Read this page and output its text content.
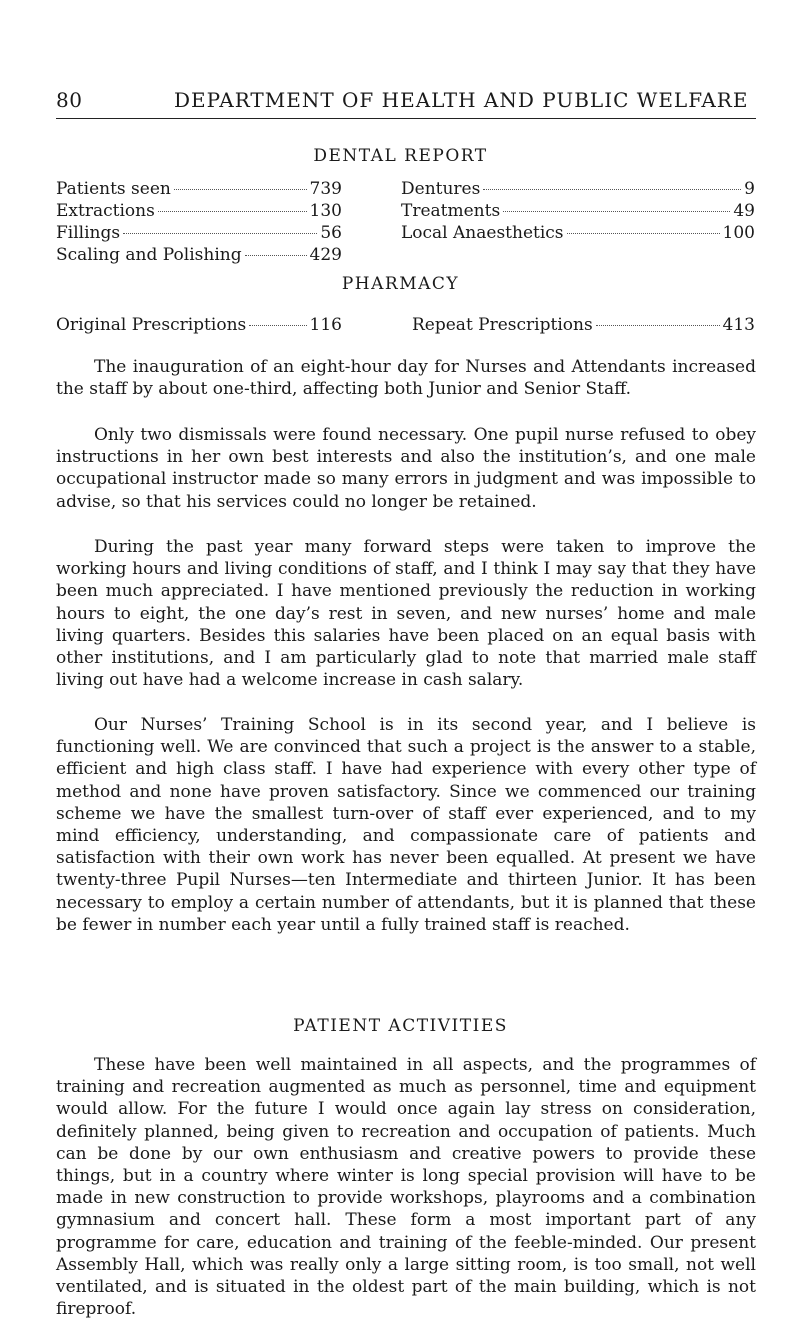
80	DEPARTMENT OF HEALTH AND PUBLIC WELFARE
DENTAL REPORT
Patients seen	739
Extractions	130
Fillings	56
Scaling and Polishing	429
Dentures	9
Treatments	49
Local Anaesthetics	100
PHARMACY
Original Prescriptions	116	Repeat Prescriptions	413

The inauguration of an eight-hour day for Nurses and Attendants increased the staff by about one-third, affecting both Junior and Senior Staff.

Only two dismissals were found necessary. One pupil nurse refused to obey instructions in her own best interests and also the institution’s, and one male occupational instructor made so many errors in judgment and was impossible to advise, so that his services could no longer be retained.

During the past year many forward steps were taken to improve the working hours and living conditions of staff, and I think I may say that they have been much appreciated. I have mentioned previously the reduction in working hours to eight, the one day’s rest in seven, and new nurses’ home and male living quarters. Besides this salaries have been placed on an equal basis with other institutions, and I am particularly glad to note that married male staff living out have had a welcome increase in cash salary.

Our Nurses’ Training School is in its second year, and I believe is functioning well. We are convinced that such a project is the answer to a stable, efficient and high class staff. I have had experience with every other type of method and none have proven satisfactory. Since we commenced our training scheme we have the smallest turn-over of staff ever experienced, and to my mind efficiency, understanding, and compassionate care of patients and satisfaction with their own work has never been equalled. At present we have twenty-three Pupil Nurses—ten Intermediate and thirteen Junior. It has been necessary to employ a certain number of attendants, but it is planned that these be fewer in number each year until a fully trained staff is reached.

PATIENT ACTIVITIES

These have been well maintained in all aspects, and the programmes of training and recreation augmented as much as personnel, time and equipment would allow. For the future I would once again lay stress on consideration, definitely planned, being given to recreation and occupation of patients. Much can be done by our own enthusiasm and creative powers to provide these things, but in a country where winter is long special provision will have to be made in new construction to provide workshops, playrooms and a combination gymnasium and concert hall. These form a most important part of any programme for care, education and training of the feeble-minded. Our present Assembly Hall, which was really only a large sitting room, is too small, not well ventilated, and is situated in the oldest part of the main building, which is not fireproof.
